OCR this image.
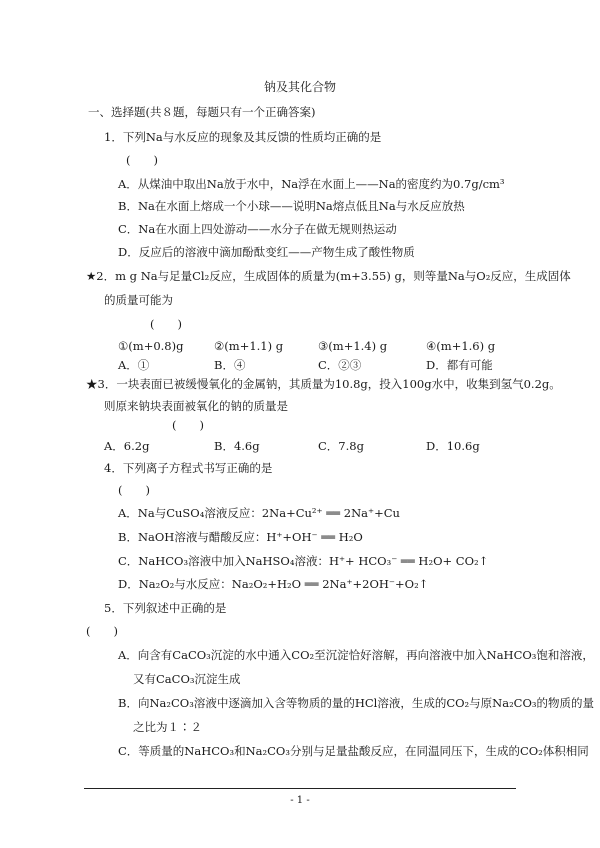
钠及其化合物
一、选择题(共８题，每题只有一个正确答案)
1．下列Na与水反应的现象及其反馈的性质均正确的是
(　　)
A．从煤油中取出Na放于水中，Na浮在水面上——Na的密度约为0.7g/cm³
B．Na在水面上熔成一个小球——说明Na熔点低且Na与水反应放热
C．Na在水面上四处游动——水分子在做无规则热运动
D．反应后的溶液中滴加酚酞变红——产物生成了酸性物质
★2．m g Na与足量Cl₂反应，生成固体的质量为(m+3.55) g，则等量Na与O₂反应，生成固体
的质量可能为
(　　)
①(m+0.8)g	②(m+1.1) g	③(m+1.4) g	④(m+1.6) g
A．①	B．④	C．②③	D．都有可能
★3．一块表面已被缓慢氧化的金属钠，其质量为10.8g，投入100g水中，收集到氢气0.2g。
则原来钠块表面被氧化的钠的质量是
(　　)
A．6.2g	B．4.6g	C．7.8g	D．10.6g
4．下列离子方程式书写正确的是
(　　)
A．Na与CuSO₄溶液反应：2Na+Cu²⁺ ══ 2Na⁺+Cu
B．NaOH溶液与醋酸反应：H⁺+OH⁻ ══ H₂O
C．NaHCO₃溶液中加入NaHSO₄溶液：H⁺+ HCO₃⁻ ══ H₂O+ CO₂↑
D．Na₂O₂与水反应：Na₂O₂+H₂O ══ 2Na⁺+2OH⁻+O₂↑
5．下列叙述中正确的是
(　　)
A．向含有CaCO₃沉淀的水中通入CO₂至沉淀恰好溶解，再向溶液中加入NaHCO₃饱和溶液，
又有CaCO₃沉淀生成
B．向Na₂CO₃溶液中逐滴加入含等物质的量的HCl溶液，生成的CO₂与原Na₂CO₃的物质的量
之比为１∶２
C．等质量的NaHCO₃和Na₂CO₃分别与足量盐酸反应，在同温同压下，生成的CO₂体积相同
- 1 -
